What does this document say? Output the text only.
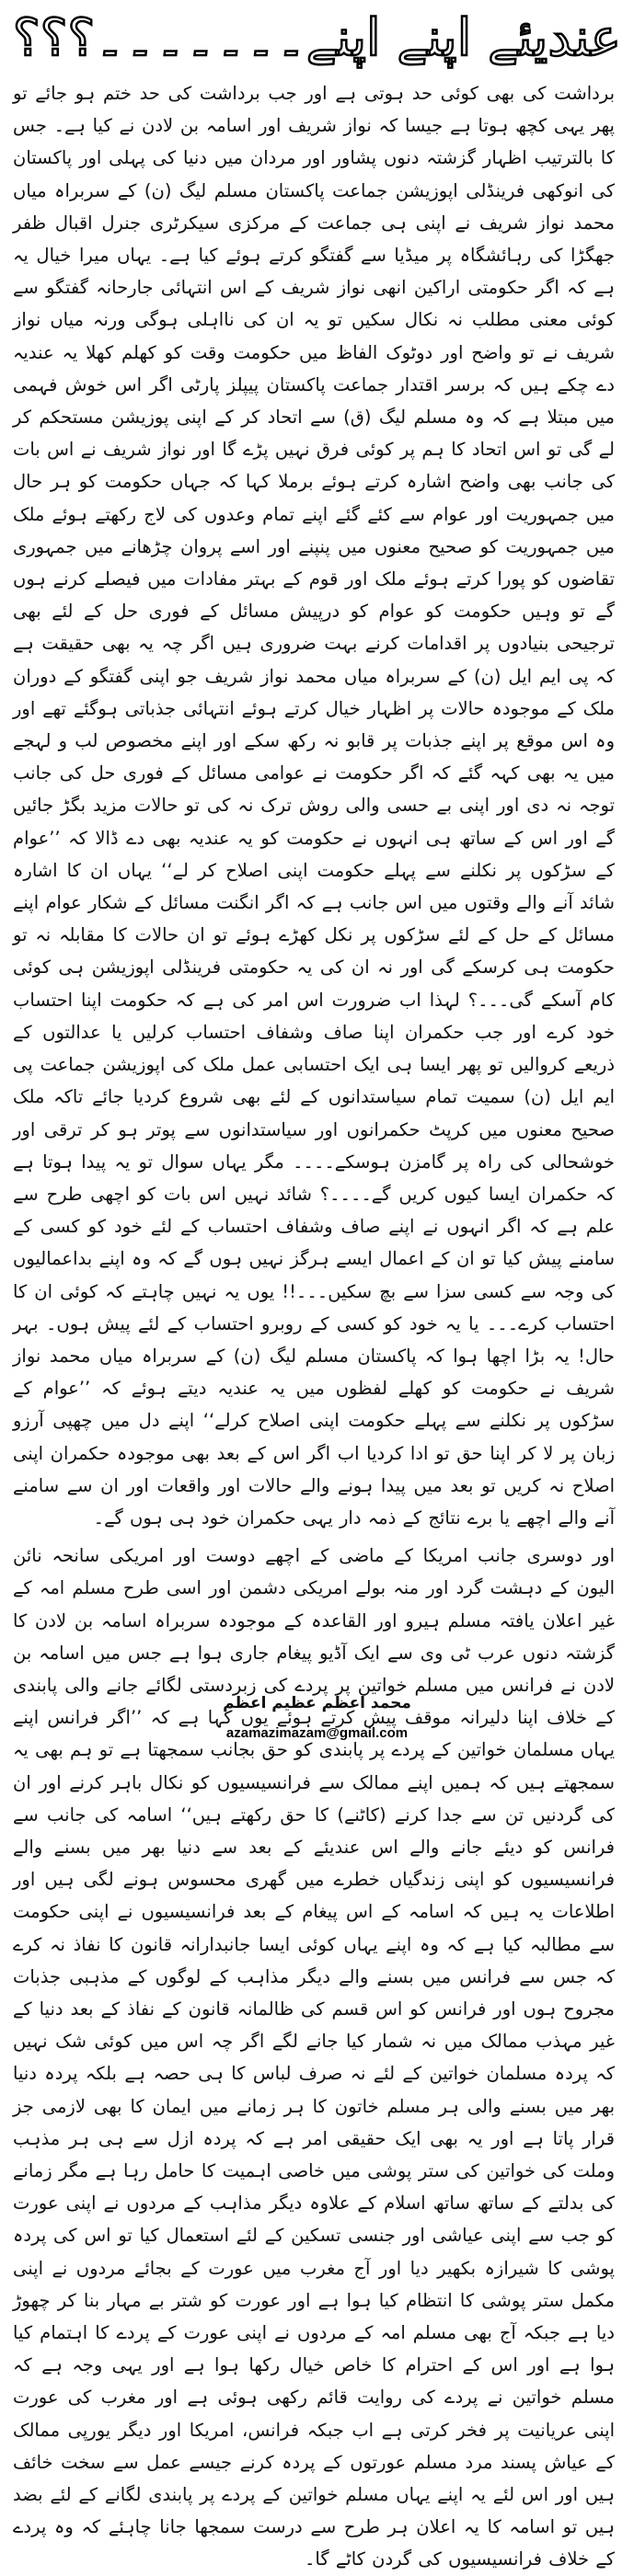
عندیئے اپنے اپنے۔۔۔۔۔۔۔؟؟؟

برداشت کی بھی کوئی حد ہوتی ہے اور جب برداشت کی حد ختم ہو جائے تو پھر یہی کچھ ہوتا ہے جیسا کہ نواز شریف اور اسامہ بن لادن نے کیا ہے۔ جس کا بالترتیب اظہار گزشتہ دنوں پشاور اور مردان میں دنیا کی پہلی اور پاکستان کی انوکھی فرینڈلی اپوزیشن جماعت پاکستان مسلم لیگ (ن) کے سربراہ میاں محمد نواز شریف نے اپنی ہی جماعت کے مرکزی سیکرٹری جنرل اقبال ظفر جھگڑا کی رہائشگاہ پر میڈیا سے گفتگو کرتے ہوئے کیا ہے۔ یہاں میرا خیال یہ ہے کہ اگر حکومتی اراکین انھی نواز شریف کے اس انتہائی جارحانہ گفتگو سے کوئی معنی مطلب نہ نکال سکیں تو یہ ان کی نااہلی ہوگی ورنہ میاں نواز شریف نے تو واضح اور دوٹوک الفاظ میں حکومت وقت کو کھلم کھلا یہ عندیہ دے چکے ہیں کہ برسر اقتدار جماعت پاکستان پیپلز پارٹی اگر اس خوش فہمی میں مبتلا ہے کہ وہ مسلم لیگ (ق) سے اتحاد کر کے اپنی پوزیشن مستحکم کر لے گی تو اس اتحاد کا ہم پر کوئی فرق نہیں پڑے گا اور نواز شریف نے اس بات کی جانب بھی واضح اشارہ کرتے ہوئے برملا کہا کہ جہاں حکومت کو ہر حال میں جمہوریت اور عوام سے کئے گئے اپنے تمام وعدوں کی لاج رکھتے ہوئے ملک میں جمہوریت کو صحیح معنوں میں پنپنے اور اسے پروان چڑھانے میں جمہوری تقاضوں کو پورا کرتے ہوئے ملک اور قوم کے بہتر مفادات میں فیصلے کرنے ہوں گے تو وہیں حکومت کو عوام کو درپیش مسائل کے فوری حل کے لئے بھی ترجیحی بنیادوں پر اقدامات کرنے بہت ضروری ہیں اگر چہ یہ بھی حقیقت ہے کہ پی ایم ایل (ن) کے سربراہ میاں محمد نواز شریف جو اپنی گفتگو کے دوران ملک کے موجودہ حالات پر اظہار خیال کرتے ہوئے انتہائی جذباتی ہوگئے تھے اور وہ اس موقع پر اپنے جذبات پر قابو نہ رکھ سکے اور اپنے مخصوص لب و لہجے میں یہ بھی کہہ گئے کہ اگر حکومت نے عوامی مسائل کے فوری حل کی جانب توجہ نہ دی اور اپنی بے حسی والی روش ترک نہ کی تو حالات مزید بگڑ جائیں گے اور اس کے ساتھ ہی انہوں نے حکومت کو یہ عندیہ بھی دے ڈالا کہ ’’عوام کے سڑکوں پر نکلنے سے پہلے حکومت اپنی اصلاح کر لے‘‘ یہاں ان کا اشارہ شائد آنے والے وقتوں میں اس جانب ہے کہ اگر انگنت مسائل کے شکار عوام اپنے مسائل کے حل کے لئے سڑکوں پر نکل کھڑے ہوئے تو ان حالات کا مقابلہ نہ تو حکومت ہی کرسکے گی اور نہ ان کی یہ حکومتی فرینڈلی اپوزیشن ہی کوئی کام آسکے گی۔۔۔؟ لہذا اب ضرورت اس امر کی ہے کہ حکومت اپنا احتساب خود کرے اور جب حکمران اپنا صاف وشفاف احتساب کرلیں یا عدالتوں کے ذریعے کروالیں تو پھر ایسا ہی ایک احتسابی عمل ملک کی اپوزیشن جماعت پی ایم ایل (ن) سمیت تمام سیاستدانوں کے لئے بھی شروع کردیا جائے تاکہ ملک صحیح معنوں میں کرپٹ حکمرانوں اور سیاستدانوں سے پوتر ہو کر ترقی اور خوشحالی کی راہ پر گامزن ہوسکے۔۔۔۔ مگر یہاں سوال تو یہ پیدا ہوتا ہے کہ حکمران ایسا کیوں کریں گے۔۔۔۔؟ شائد نہیں اس بات کو اچھی طرح سے علم ہے کہ اگر انہوں نے اپنے صاف وشفاف احتساب کے لئے خود کو کسی کے سامنے پیش کیا تو ان کے اعمال ایسے ہرگز نہیں ہوں گے کہ وہ اپنے بداعمالیوں کی وجہ سے کسی سزا سے بچ سکیں۔۔۔!! یوں یہ نہیں چاہتے کہ کوئی ان کا احتساب کرے۔۔۔ یا یہ خود کو کسی کے روبرو احتساب کے لئے پیش ہوں۔ بہر حال! یہ بڑا اچھا ہوا کہ پاکستان مسلم لیگ (ن) کے سربراہ میاں محمد نواز شریف نے حکومت کو کھلے لفظوں میں یہ عندیہ دیتے ہوئے کہ ’’عوام کے سڑکوں پر نکلنے سے پہلے حکومت اپنی اصلاح کرلے‘‘ اپنے دل میں چھپی آرزو زبان پر لا کر اپنا حق تو ادا کردیا اب اگر اس کے بعد بھی موجودہ حکمران اپنی اصلاح نہ کریں تو بعد میں پیدا ہونے والے حالات اور واقعات اور ان سے سامنے آنے والے اچھے یا برے نتائج کے ذمہ دار یہی حکمران خود ہی ہوں گے۔

اور دوسری جانب امریکا کے ماضی کے اچھے دوست اور امریکی سانحہ نائن الیون کے دہشت گرد اور منہ بولے امریکی دشمن اور اسی طرح مسلم امہ کے غیر اعلان یافتہ مسلم ہیرو اور القاعدہ کے موجودہ سربراہ اسامہ بن لادن کا گزشتہ دنوں عرب ٹی وی سے ایک آڈیو پیغام جاری ہوا ہے جس میں اسامہ بن لادن نے فرانس میں مسلم خواتین پر پردے کی زبردستی لگائے جانے والی پابندی کے خلاف اپنا دلیرانہ موقف پیش کرتے ہوئے یوں کہا ہے کہ ’’اگر فرانس اپنے یہاں مسلمان خواتین کے پردے پر پابندی کو حق بجانب سمجھتا ہے تو ہم بھی یہ سمجھتے ہیں کہ ہمیں اپنے ممالک سے فرانسیسیوں کو نکال باہر کرنے اور ان کی گردنیں تن سے جدا کرنے (کاٹنے) کا حق رکھتے ہیں‘‘ اسامہ کی جانب سے فرانس کو دیئے جانے والے اس عندیئے کے بعد سے دنیا بھر میں بسنے والے فرانسیسیوں کو اپنی زندگیاں خطرے میں گھری محسوس ہونے لگی ہیں اور اطلاعات یہ ہیں کہ اسامہ کے اس پیغام کے بعد فرانسیسیوں نے اپنی حکومت سے مطالبہ کیا ہے کہ وہ اپنے یہاں کوئی ایسا جانبدارانہ قانون کا نفاذ نہ کرے کہ جس سے فرانس میں بسنے والے دیگر مذاہب کے لوگوں کے مذہبی جذبات مجروح ہوں اور فرانس کو اس قسم کی ظالمانہ قانون کے نفاذ کے بعد دنیا کے غیر مہذب ممالک میں نہ شمار کیا جانے لگے اگر چہ اس میں کوئی شک نہیں کہ پردہ مسلمان خواتین کے لئے نہ صرف لباس کا ہی حصہ ہے بلکہ پردہ دنیا بھر میں بسنے والی ہر مسلم خاتون کا ہر زمانے میں ایمان کا بھی لازمی جز قرار پاتا ہے اور یہ بھی ایک حقیقی امر ہے کہ پردہ ازل سے ہی ہر مذہب وملت کی خواتین کی ستر پوشی میں خاصی اہمیت کا حامل رہا ہے مگر زمانے کی بدلتے کے ساتھ ساتھ اسلام کے علاوہ دیگر مذاہب کے مردوں نے اپنی عورت کو جب سے اپنی عیاشی اور جنسی تسکین کے لئے استعمال کیا تو اس کی پردہ پوشی کا شیرازہ بکھیر دیا اور آج مغرب میں عورت کے بجائے مردوں نے اپنی مکمل ستر پوشی کا انتظام کیا ہوا ہے اور عورت کو شتر بے مہار بنا کر چھوڑ دیا ہے جبکہ آج بھی مسلم امہ کے مردوں نے اپنی عورت کے پردے کا اہتمام کیا ہوا ہے اور اس کے احترام کا خاص خیال رکھا ہوا ہے اور یہی وجہ ہے کہ مسلم خواتین نے پردے کی روایت قائم رکھی ہوئی ہے اور مغرب کی عورت اپنی عریانیت پر فخر کرتی ہے اب جبکہ فرانس، امریکا اور دیگر یورپی ممالک کے عیاش پسند مرد مسلم عورتوں کے پردہ کرنے جیسے عمل سے سخت خائف ہیں اور اس لئے یہ اپنے یہاں مسلم خواتین کے پردے پر پابندی لگانے کے لئے بضد ہیں تو اسامہ کا یہ اعلان ہر طرح سے درست سمجھا جانا چاہئے کہ وہ پردے کے خلاف فرانسیسیوں کی گردن کاٹے گا۔

محمد اعظم عظیم اعظم
azamazimazam@gmail.com
